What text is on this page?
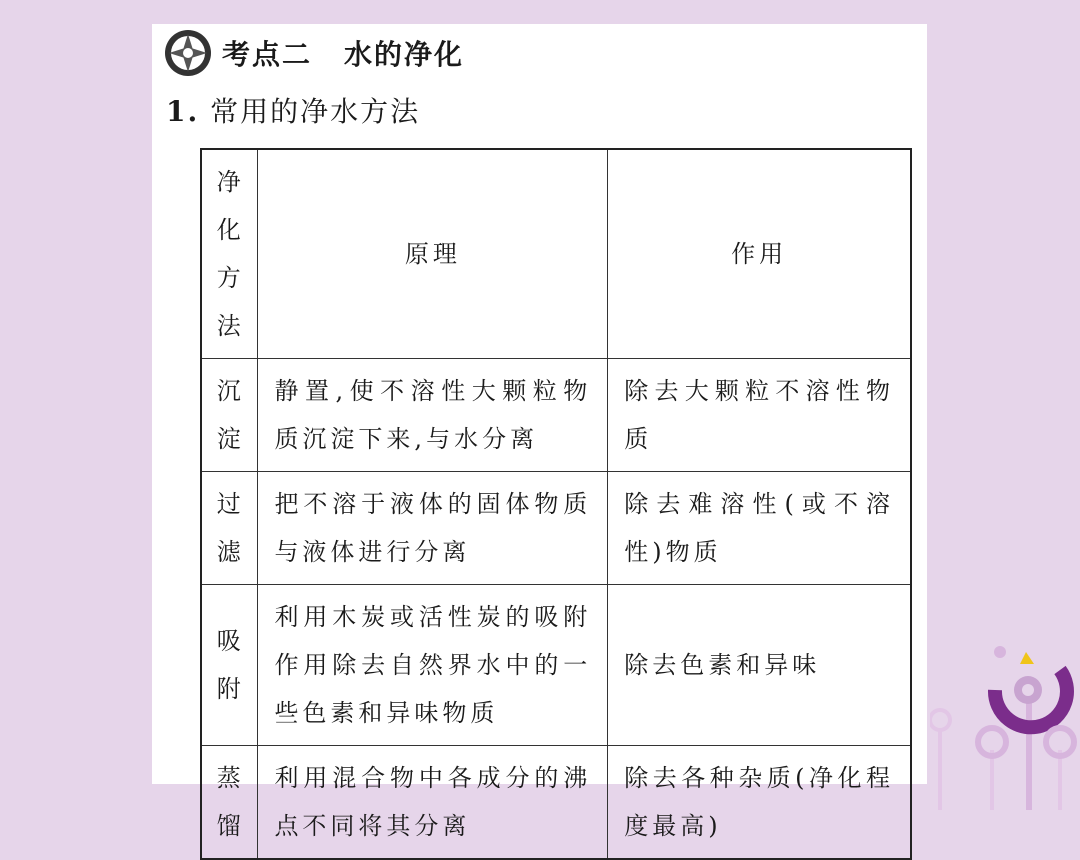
考点二 水的净化
1. 常用的净水方法
净化方法	原理	作用
沉淀	静置,使不溶性大颗粒物质沉淀下来,与水分离	除去大颗粒不溶性物质
过滤	把不溶于液体的固体物质与液体进行分离	除去难溶性(或不溶性)物质
吸附	利用木炭或活性炭的吸附作用除去自然界水中的一些色素和异味物质	除去色素和异味
蒸馏	利用混合物中各成分的沸点不同将其分离	除去各种杂质(净化程度最高)
